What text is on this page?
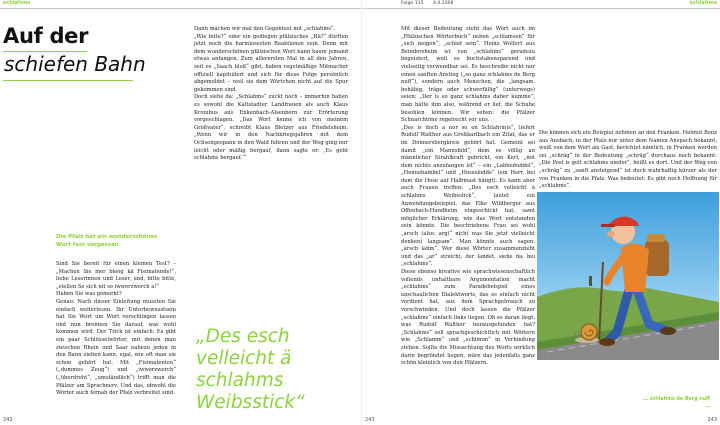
schlahms
Auf der
schiefen Bahn
Die Pfalz hat ein wunderschönes Wort fast vergessen

Sind Sie bereit für einen kleinen Test? – „Machen Sie mer bloog kä Fisimatende!“, liebe Leserinnen und Leser, und, bitte bitte, „stellen Se sich nit so iwwerzwerch a!“

Haben Sie was gemerkt?

Genau: Nach dieser Einleitung mussten Sie einfach weiterlesen. Ihr Unterbewusstsein hat Sie Wort um Wort verschlingen lassen und nun brennen Sie darauf, was wohl kommen wird. Der Trick ist einfach: Es gibt ein paar Schlüsselwörter, mit denen man zwischen Rhein und Saar nahezu jeden in den Bann ziehen kann, egal, wie oft man sie schon gehört hat. Mit „Fisimatenten“ („dummes Zeug“) und „iwwerzwerch“ („überdreht“, „umständlich“) trifft man die Pfälzer am Sprachnerv. Und das, obwohl die Wörter auch fernab der Pfalz verbreitet sind.

Dann machen wir mal den Gegentest mit „schlahms“.

„Wie bitte?“ oder ein gediegen pfälzisches „Hä?“ dürften jetzt noch die harmlosesten Reaktionen sein. Denn mit dem wunderschönen pfälzischen Wort kann kaum jemand etwas anfangen. Zum allerersten Mal in all den Jahren, seit es „Saach bloß“ gibt, haben regelmäßige Mitmacher offiziell kapituliert und sich für diese Folge persönlich abgemeldet – weil sie dem Wörtchen nicht auf die Spur gekommen sind.

Doch siehe da: „Schlahms“ zuckt noch – immerhin haben es sowohl die Kaltstadter Landfrauen als auch Klaus Kronibus aus Enkenbach-Alsenborn zur Erörterung vorgeschlagen. „Das Wort kenne ich von meinem Großvater“, schreibt Klaus Bletzer aus Friedelsheim. „Wenn wir in den Nachkriegsjahren mit dem Ochsengespann in den Wald fuhren und der Weg ging nur leicht oder mäßig bergauf, dann sagte er: ‚Es geht schlahms bergauf.‘“

„Des esch velleicht ä schlahms Weibsstick“
242
Folge 115 4.4.2008	schlahms

Mit dieser Bedeutung steht das Wort auch im „Pfälzischen Wörterbuch“ neben „schlamsen“ für „sich neigen“, „schief sein“. Heinz Wolfert aus Beindersheim ist von „schlahms“ geradezu begeistert, weil es buchstabensparend und vielseitig verwendbar sei. Es beschreibe nicht nur einen sanften Anstieg („so ganz schlahms de Berg nuff“), sondern auch Menschen, die „langsam, behäbig, träge oder schwerfällig“ (unterwegs) seien: „Der is so ganz schlahms daher kumme“, man hätte ihm also, während er lief, die Schuhe besohlen können. Wir sehen: die Pfälzer Schnarchtöne regelrecht vor uns.

„Des is doch a nor so en Schlah(m)s“, liefert Rudolf Walther aus Großkarlbach ein Zitat, das er im Donnersbergkreis gehört hat. Gemeint sei damit „ein Mannsbild“, dem es völlig an männlicher Strahlkraft gebricht, ein Kerl, „mit dem nichts anzufangen ist“ – ein „Labbeduddel“, „Hennebambel“ und „Hosselodde“ (ein Herr, bei dem die Hose auf Halbmast hängt). Es kann aber auch Frauen treffen: „Des esch velleicht ä schlahms Weibsstick“, lautet ein Anwendungsbeispiel, das Elke Wildberger aus Offenbach-Hundheim eingeschickt hat, samt möglicher Erklärung, wie das Wort entstanden sein könnte. Die beschriebene Frau sei wohl „arsch (also: arg)“ nicht was Sie jetzt vielleicht denken) langsam“. Man könnte auch sagen: „arsch lahm“. Wer diese Wörter zusammenzieht und das „ar“ streicht, der landet, siehe da, bei „schlahms“.

Diese ebenso kreative wie sprachwissenschaftlich vollends unhaltbare Argumentation macht „schlahms“ zum Paradebeispiel eines anschaulichen Dialektworts, das es einfach nicht verdient hat, aus dem Sprachgebrauch zu verschwinden. Und doch lassen die Pfälzer „schlahms“ einfach links liegen. Ob es daran liegt, was Rudolf Walther herausgefunden hat? „Schlahms“ soll sprachgeschichtlich mit Wörtern wie „Schlamm“ und „schlimm“ in Verbindung stehen. Sollte die Missachtung des Worts wirklich darin begründet liegen, wäre das jedenfalls ganz schön kleinlich von den Pfälzern.

Die können sich ein Beispiel nehmen an den Franken. Helmut Renz aus Ansbach, in der Pfalz nur unter dem Namen Anspach bekannt, weiß von dem Wort als Gast, berichtet nämlich, in Franken werden sei „schräg“ in der Bedeutung „schräg“ durchaus noch bekannt: „Die Post is gelt schlahms nieder“, heißt es dort. Und der Weg von „schräg“ zu „sanft ansteigend“ ist doch wahrhaftig kürzer als der von Franken in die Pfalz. Was bedeutet: Es gibt noch Hoffnung für „schlahms“.

243	243
… schlahms de Berg nuff …
